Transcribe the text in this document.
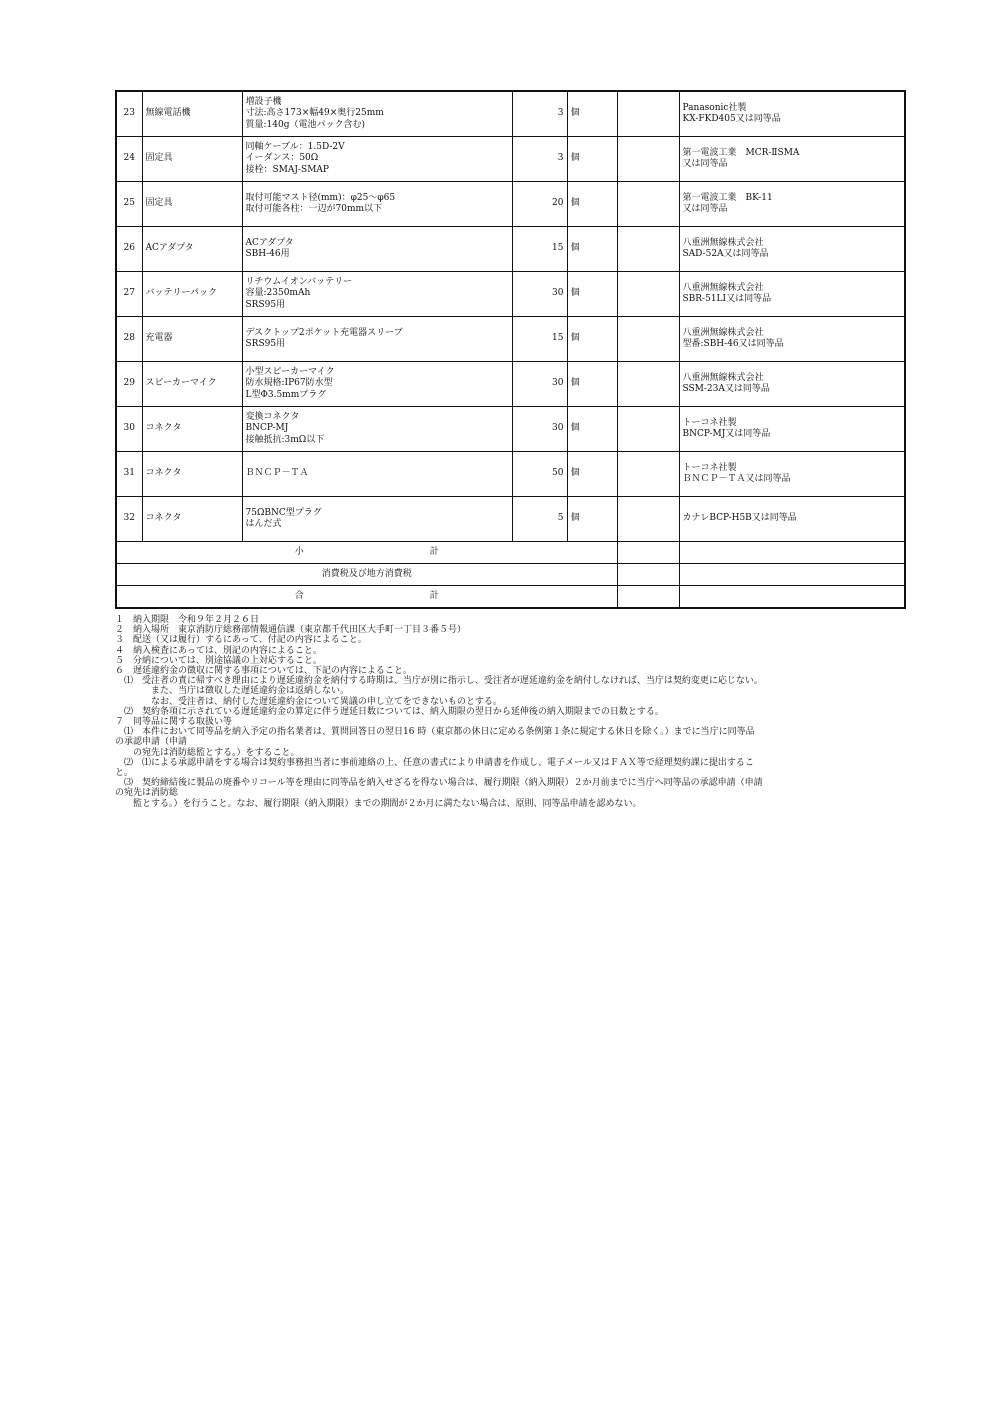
23	無線電話機	増設子機
寸法:高さ173×幅49×奥行25mm
質量:140g（電池パック含む)	3	個		Panasonic社製
KX-FKD405又は同等品
24	固定具	同軸ケーブル：1.5D-2V
イーダンス：50Ω
接栓：SMAJ-SMAP	3	個		第一電波工業　MCR-ⅡSMA
又は同等品
25	固定具	取付可能マスト径(mm)：φ25～φ65
取付可能各柱：一辺が70mm以下	20	個		第一電波工業　BK-11
又は同等品
26	ACアダプタ	ACアダプタ
SBH-46用	15	個		八重洲無線株式会社
SAD-52A又は同等品
27	バッテリーパック	リチウムイオンバッテリー
容量:2350mAh
SRS95用	30	個		八重洲無線株式会社
SBR-51LI又は同等品
28	充電器	デスクトップ2ポケット充電器スリーブ
SRS95用	15	個		八重洲無線株式会社
型番:SBH-46又は同等品
29	スピーカーマイク	小型スピーカーマイク
防水規格:IP67防水型
L型Φ3.5mmプラグ	30	個		八重洲無線株式会社
SSM-23A又は同等品
30	コネクタ	変換コネクタ
BNCP-MJ
接触抵抗:3mΩ以下	30	個		トーコネ社製
BNCP-MJ又は同等品
31	コネクタ	ＢＮＣＰ－ＴＡ	50	個		トーコネ社製
ＢＮＣＰ－ＴＡ又は同等品
32	コネクタ	75ΩBNC型プラグ
はんだ式	5	個		カナレBCP-H5B又は同等品
小　　　　　　　　　　　　　　計						
消費税及び地方消費税						
合　　　　　　　　　　　　　　計						
１　納入期限　令和９年２月２６日
２　納入場所　東京消防庁総務部情報通信課（東京都千代田区大手町一丁目３番５号）
３　配送（又は履行）するにあって、付記の内容によること。
４　納入検査にあっては、別記の内容によること。
５　分納については、別途協議の上対応すること。
６　遅延違約金の徴収に関する事項については、下記の内容によること。
　⑴　受注者の責に帰すべき理由により遅延違約金を納付する時期は、当庁が別に指示し、受注者が遅延違約金を納付しなければ、当庁は契約変更に応じない。
　　　　また、当庁は徴収した遅延違約金は返納しない。
　　　　なお、受注者は、納付した遅延違約金について異議の申し立てをできないものとする。
　⑵　契約条項に示されている遅延違約金の算定に伴う遅延日数については、納入期限の翌日から延伸後の納入期限までの日数とする。
７　同等品に関する取扱い等
　⑴　本件において同等品を納入予定の指名業者は、質問回答日の翌日16 時（東京都の休日に定める条例第１条に規定する休日を除く。）までに当庁に同等品
の承認申請（申請
　　の宛先は消防総監とする。）をすること。
　⑵　⑴による承認申請をする場合は契約事務担当者に事前連絡の上、任意の書式により申請書を作成し、電子メール又はＦＡＸ等で経理契約課に提出するこ
と。
　⑶　契約締結後に製品の廃番やリコール等を理由に同等品を納入せざるを得ない場合は、履行期限（納入期限）２か月前までに当庁へ同等品の承認申請（申請
の宛先は消防総
　　監とする。）を行うこと。なお、履行期限（納入期限）までの期間が２か月に満たない場合は、原則、同等品申請を認めない。
